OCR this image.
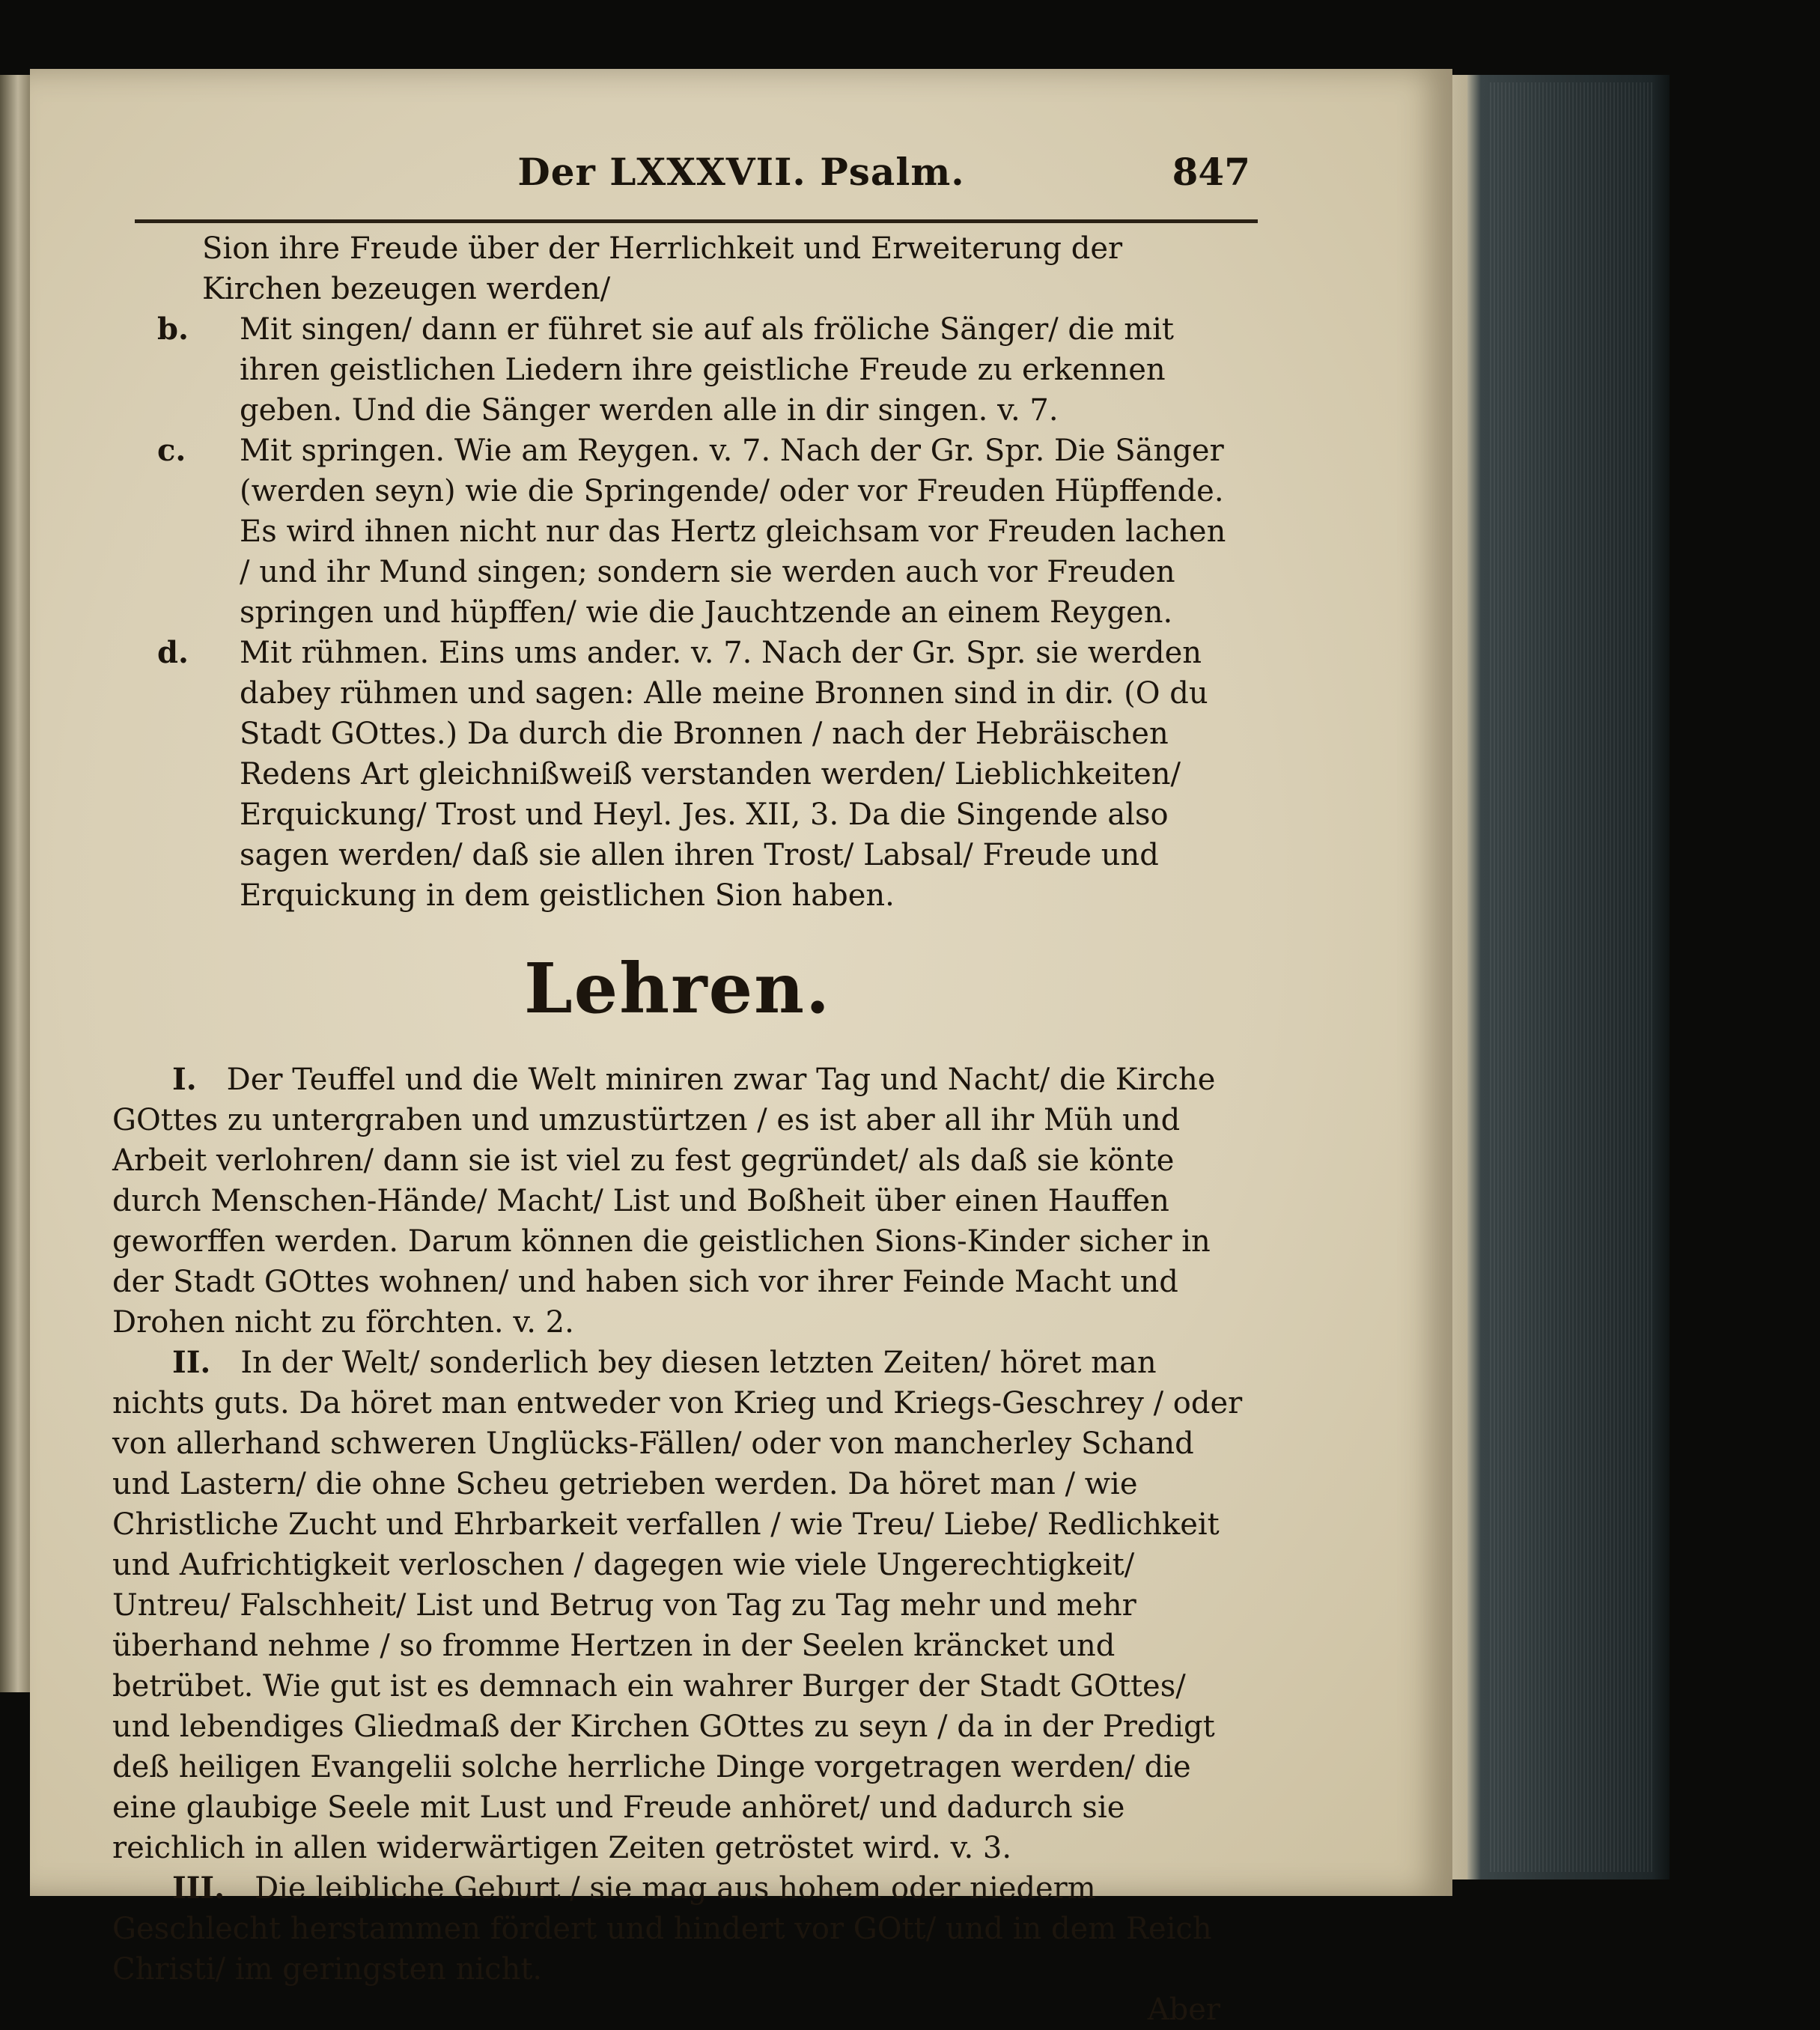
Der LXXXVII. Psalm.	847

Sion ihre Freude über der Herrlichkeit und Erweiterung der Kirchen bezeugen werden/

b. Mit singen/ dann er führet sie auf als fröliche Sänger/ die mit ihren geistlichen Liedern ihre geistliche Freude zu erkennen geben. Und die Sänger werden alle in dir singen. v. 7.

c. Mit springen. Wie am Reygen. v. 7. Nach der Gr. Spr. Die Sänger (werden seyn) wie die Springende/ oder vor Freuden Hüpffende. Es wird ihnen nicht nur das Hertz gleichsam vor Freuden lachen / und ihr Mund singen; sondern sie werden auch vor Freuden springen und hüpffen/ wie die Jauchtzende an einem Reygen.

d. Mit rühmen. Eins ums ander. v. 7. Nach der Gr. Spr. sie werden dabey rühmen und sagen: Alle meine Bronnen sind in dir. (O du Stadt GOttes.) Da durch die Bronnen / nach der Hebräischen Redens Art gleichnißweiß verstanden werden/ Lieblichkeiten/ Erquickung/ Trost und Heyl. Jes. XII, 3. Da die Singende also sagen werden/ daß sie allen ihren Trost/ Labsal/ Freude und Erquickung in dem geistlichen Sion haben.

Lehren.

I. Der Teuffel und die Welt miniren zwar Tag und Nacht/ die Kirche GOttes zu untergraben und umzustürtzen / es ist aber all ihr Müh und Arbeit verlohren/ dann sie ist viel zu fest gegründet/ als daß sie könte durch Menschen-Hände/ Macht/ List und Boßheit über einen Hauffen geworffen werden. Darum können die geistlichen Sions-Kinder sicher in der Stadt GOttes wohnen/ und haben sich vor ihrer Feinde Macht und Drohen nicht zu förchten. v. 2.

II. In der Welt/ sonderlich bey diesen letzten Zeiten/ höret man nichts guts. Da höret man entweder von Krieg und Kriegs-Geschrey / oder von allerhand schweren Unglücks-Fällen/ oder von mancherley Schand und Lastern/ die ohne Scheu getrieben werden. Da höret man / wie Christliche Zucht und Ehrbarkeit verfallen / wie Treu/ Liebe/ Redlichkeit und Aufrichtigkeit verloschen / dagegen wie viele Ungerechtigkeit/ Untreu/ Falschheit/ List und Betrug von Tag zu Tag mehr und mehr überhand nehme / so fromme Hertzen in der Seelen kräncket und betrübet. Wie gut ist es demnach ein wahrer Burger der Stadt GOttes/ und lebendiges Gliedmaß der Kirchen GOttes zu seyn / da in der Predigt deß heiligen Evangelii solche herrliche Dinge vorgetragen werden/ die eine glaubige Seele mit Lust und Freude anhöret/ und dadurch sie reichlich in allen widerwärtigen Zeiten getröstet wird. v. 3.

III. Die leibliche Geburt / sie mag aus hohem oder niederm Geschlecht herstammen fördert und hindert vor GOtt/ und in dem Reich Christi/ im geringsten nicht.

Aber
